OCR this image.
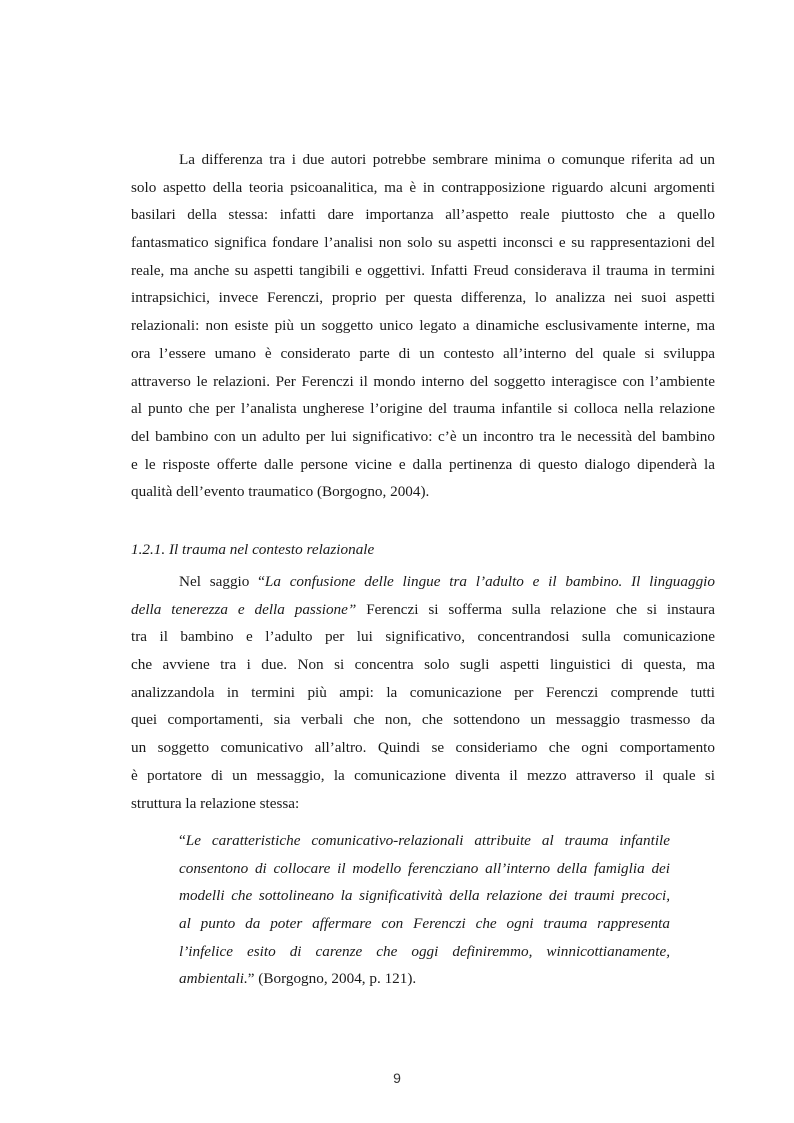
La differenza tra i due autori potrebbe sembrare minima o comunque riferita ad un
solo aspetto della teoria psicoanalitica, ma è in contrapposizione riguardo alcuni argomenti
basilari della stessa: infatti dare importanza all’aspetto reale piuttosto che a quello
fantasmatico significa fondare l’analisi non solo su aspetti inconsci e su rappresentazioni del
reale, ma anche su aspetti tangibili e oggettivi. Infatti Freud considerava il trauma in termini
intrapsichici, invece Ferenczi, proprio per questa differenza, lo analizza nei suoi aspetti
relazionali: non esiste più un soggetto unico legato a dinamiche esclusivamente interne, ma
ora l’essere umano è considerato parte di un contesto all’interno del quale si sviluppa
attraverso le relazioni. Per Ferenczi il mondo interno del soggetto interagisce con l’ambiente
al punto che per l’analista ungherese l’origine del trauma infantile si colloca nella relazione
del bambino con un adulto per lui significativo: c’è un incontro tra le necessità del bambino
e le risposte offerte dalle persone vicine e dalla pertinenza di questo dialogo dipenderà la
qualità dell’evento traumatico (Borgogno, 2004).
1.2.1. Il trauma nel contesto relazionale
Nel saggio “La confusione delle lingue tra l’adulto e il bambino. Il linguaggio
della tenerezza e della passione” Ferenczi si sofferma sulla relazione che si instaura
tra il bambino e l’adulto per lui significativo, concentrandosi sulla comunicazione
che avviene tra i due. Non si concentra solo sugli aspetti linguistici di questa, ma
analizzandola in termini più ampi: la comunicazione per Ferenczi comprende tutti
quei comportamenti, sia verbali che non, che sottendono un messaggio trasmesso da
un soggetto comunicativo all’altro. Quindi se consideriamo che ogni comportamento
è portatore di un messaggio, la comunicazione diventa il mezzo attraverso il quale si
struttura la relazione stessa:
“Le caratteristiche comunicativo-relazionali attribuite al trauma infantile
consentono di collocare il modello ferencziano all’interno della famiglia dei
modelli che sottolineano la significatività della relazione dei traumi precoci,
al punto da poter affermare con Ferenczi che ogni trauma rappresenta
l’infelice esito di carenze che oggi definiremmo, winnicottianamente,
ambientali.” (Borgogno, 2004, p. 121).
9
